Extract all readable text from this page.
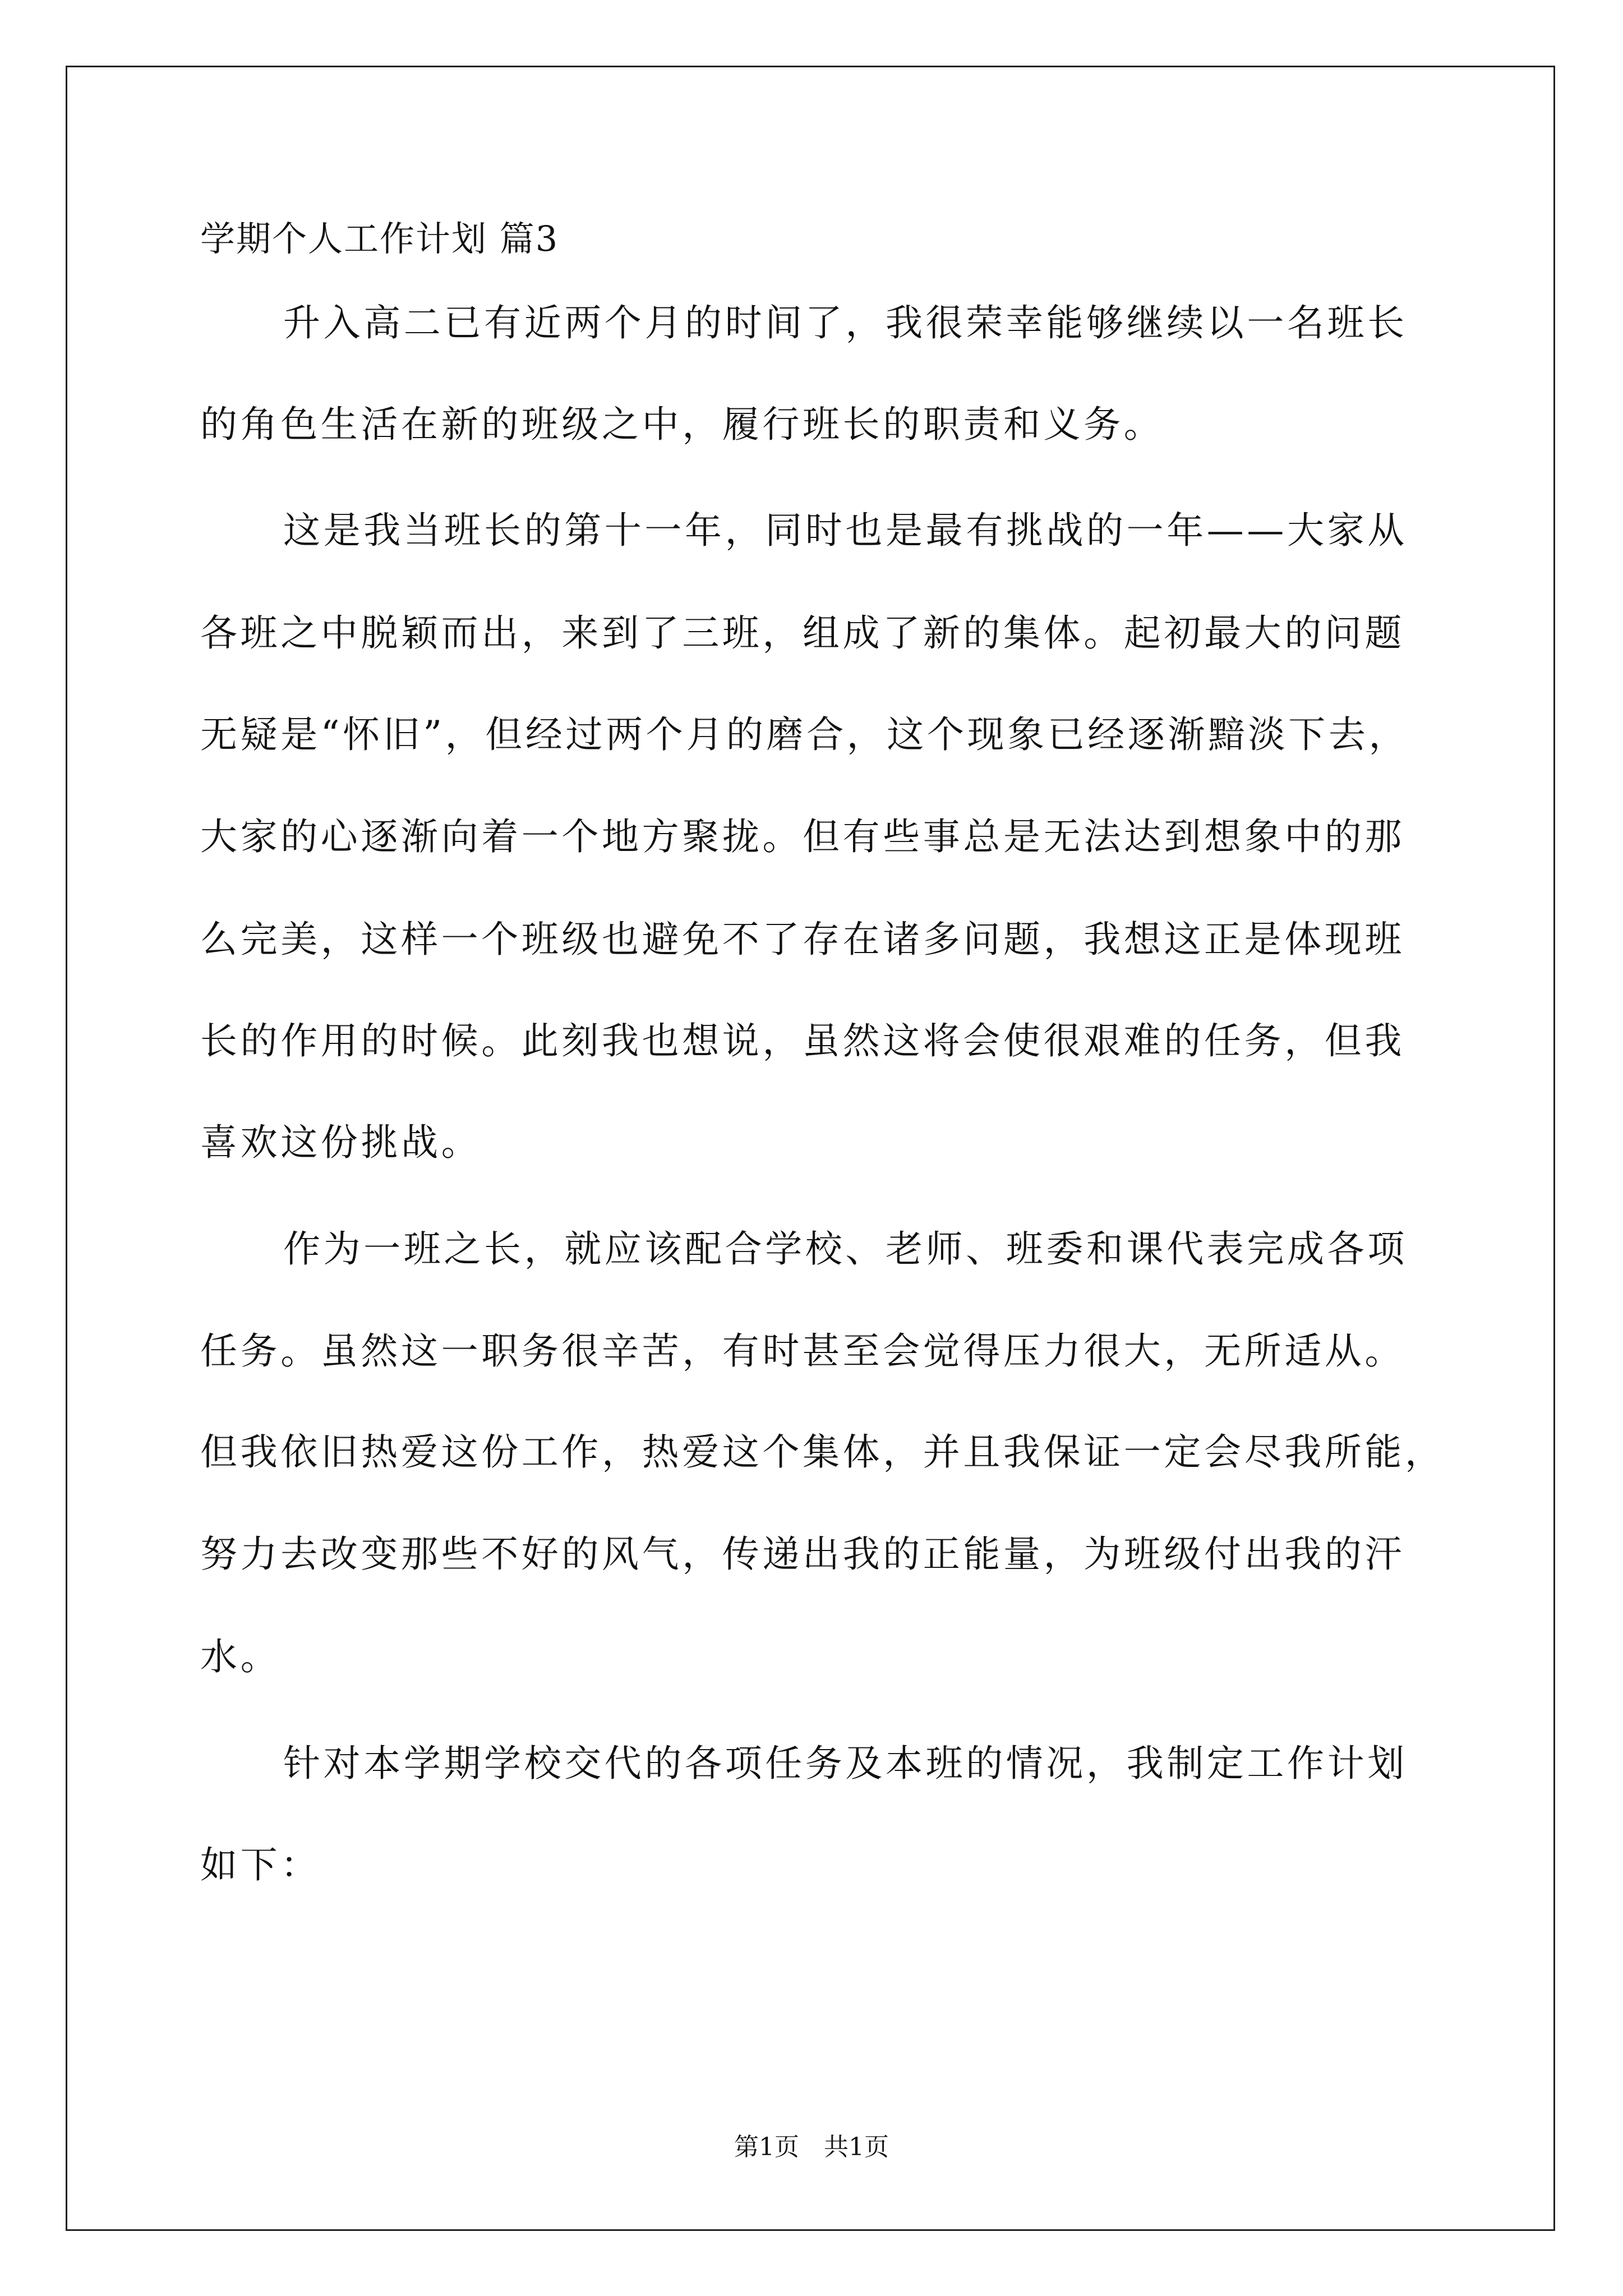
学期个人工作计划 篇3
升入高二已有近两个月的时间了，我很荣幸能够继续以一名班长
的角色生活在新的班级之中，履行班长的职责和义务。
这是我当班长的第十一年，同时也是最有挑战的一年——大家从
各班之中脱颖而出，来到了三班，组成了新的集体。起初最大的问题
无疑是“怀旧”，但经过两个月的磨合，这个现象已经逐渐黯淡下去，
大家的心逐渐向着一个地方聚拢。但有些事总是无法达到想象中的那
么完美，这样一个班级也避免不了存在诸多问题，我想这正是体现班
长的作用的时候。此刻我也想说，虽然这将会使很艰难的任务，但我
喜欢这份挑战。
作为一班之长，就应该配合学校、老师、班委和课代表完成各项
任务。虽然这一职务很辛苦，有时甚至会觉得压力很大，无所适从。
但我依旧热爱这份工作，热爱这个集体，并且我保证一定会尽我所能，
努力去改变那些不好的风气，传递出我的正能量，为班级付出我的汗
水。
针对本学期学校交代的各项任务及本班的情况，我制定工作计划
如下：
第1页　共1页
